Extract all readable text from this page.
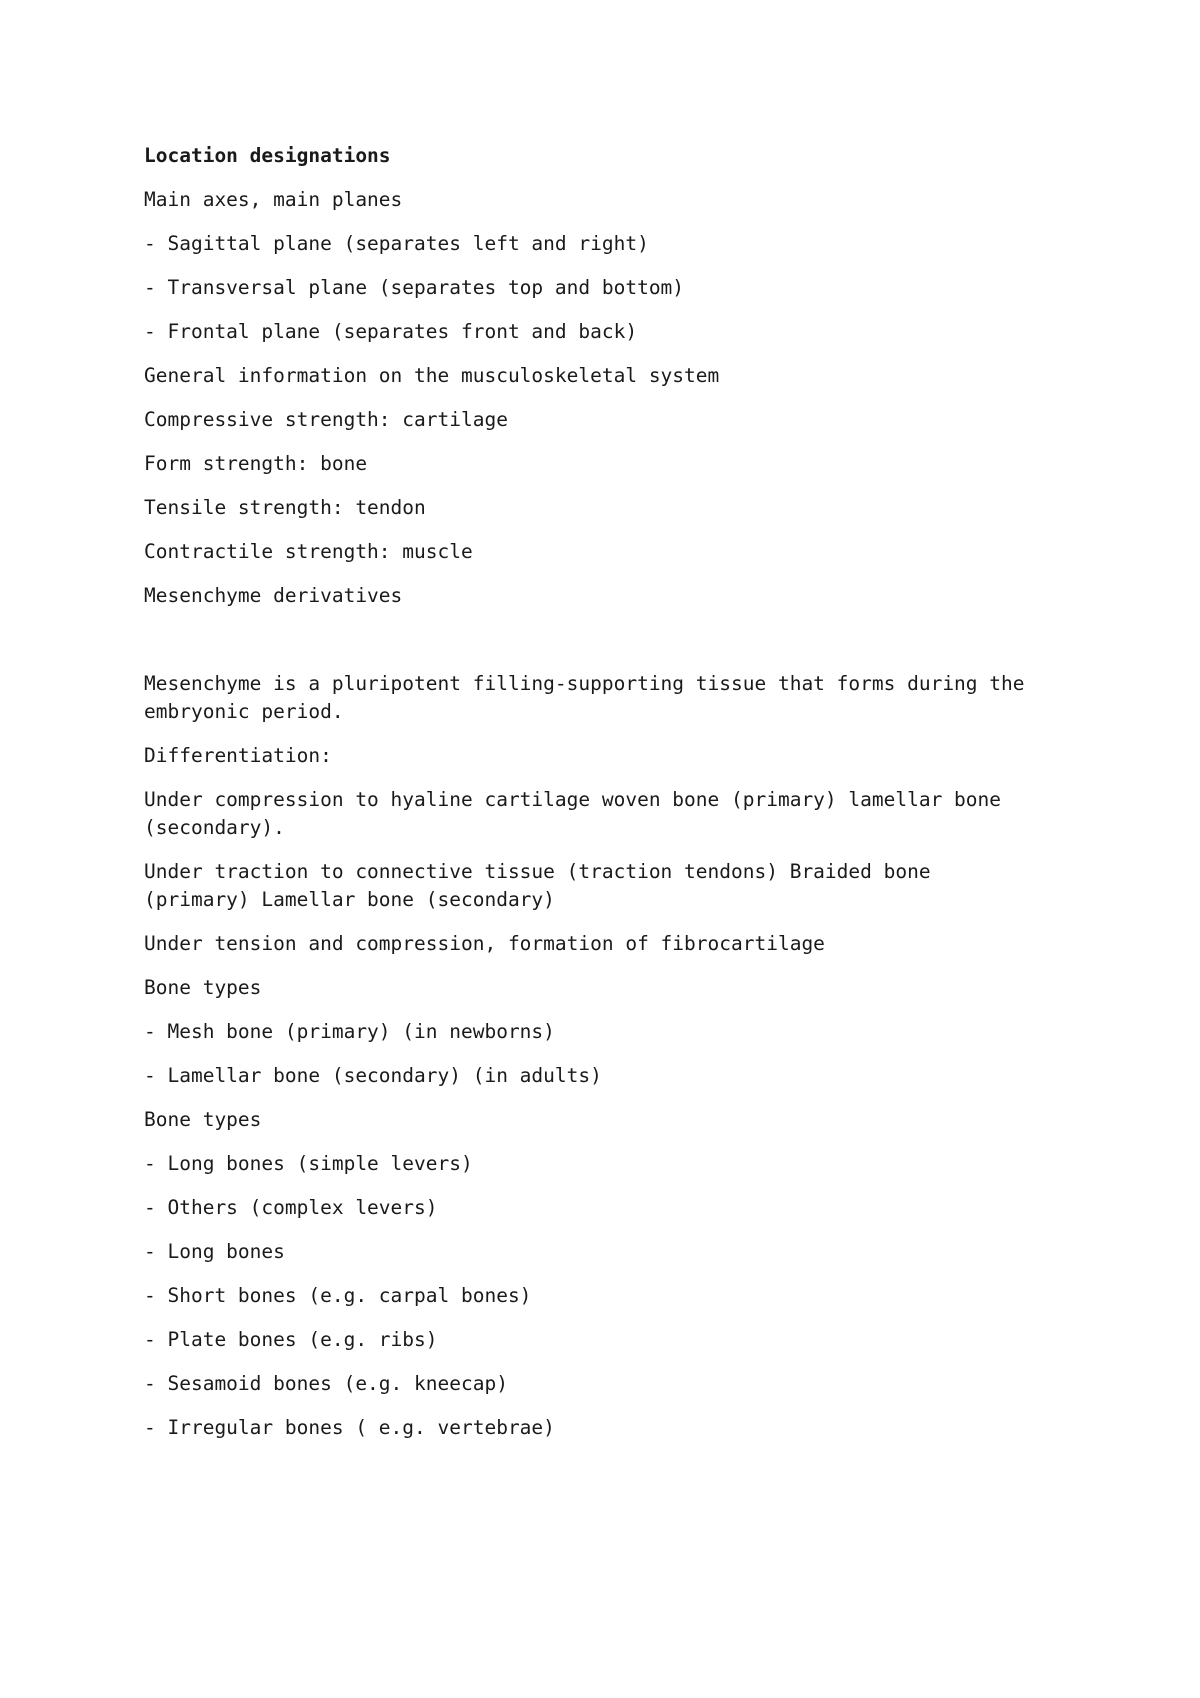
Location designations
Main axes, main planes
- Sagittal plane (separates left and right)
- Transversal plane (separates top and bottom)
- Frontal plane (separates front and back)
General information on the musculoskeletal system
Compressive strength: cartilage
Form strength: bone
Tensile strength: tendon
Contractile strength: muscle
Mesenchyme derivatives
Mesenchyme is a pluripotent filling-supporting tissue that forms during the embryonic period.
Differentiation:
Under compression to hyaline cartilage woven bone (primary) lamellar bone (secondary).
Under traction to connective tissue (traction tendons) Braided bone (primary) Lamellar bone (secondary)
Under tension and compression, formation of fibrocartilage
Bone types
- Mesh bone (primary) (in newborns)
- Lamellar bone (secondary) (in adults)
Bone types
- Long bones (simple levers)
- Others (complex levers)
- Long bones
- Short bones (e.g. carpal bones)
- Plate bones (e.g. ribs)
- Sesamoid bones (e.g. kneecap)
- Irregular bones ( e.g. vertebrae)
